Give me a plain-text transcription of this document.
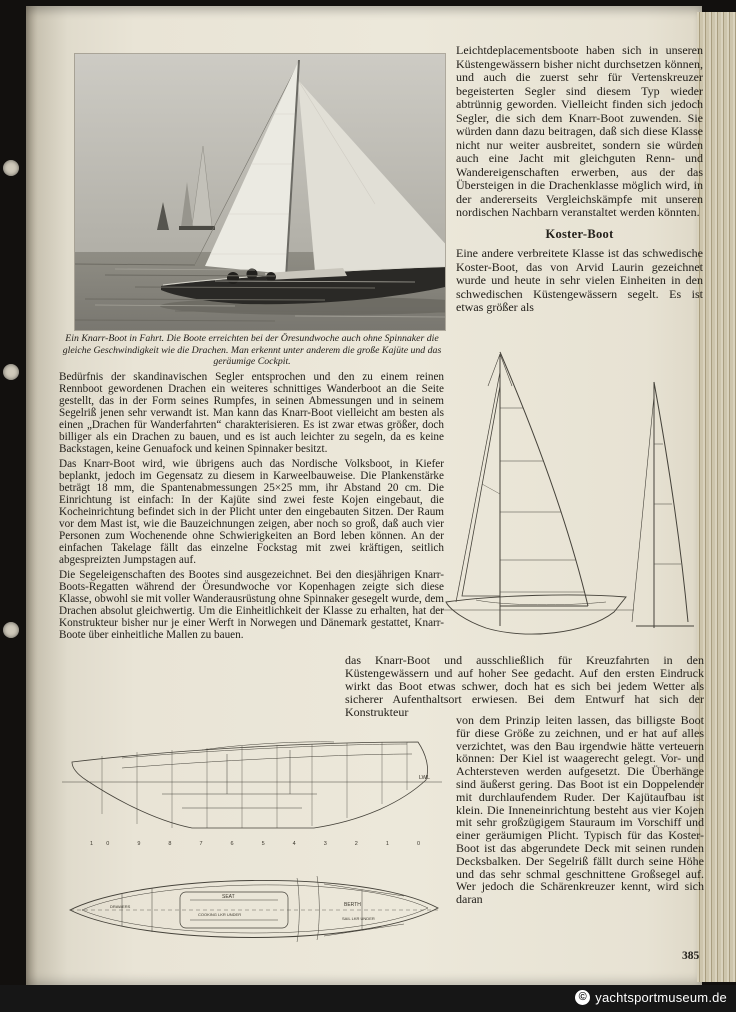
Ein Knarr-Boot in Fahrt. Die Boote erreichten bei der Öresundwoche auch ohne Spinnaker die gleiche Geschwindigkeit wie die Drachen. Man erkennt unter anderem die große Kajüte und das geräumige Cockpit.

Bedürfnis der skandinavischen Segler entsprochen und den zu einem reinen Rennboot gewordenen Drachen ein weiteres schnittiges Wanderboot an die Seite gestellt, das in der Form seines Rumpfes, in seinen Abmessungen und in seinem Segelriß jenen sehr verwandt ist. Man kann das Knarr-Boot vielleicht am besten als einen „Drachen für Wanderfahrten“ charakterisieren. Es ist zwar etwas größer, doch billiger als ein Drachen zu bauen, und es ist auch leichter zu segeln, da es keine Backstagen, keine Genuafock und keinen Spinnaker besitzt.

Das Knarr-Boot wird, wie übrigens auch das Nordische Volksboot, in Kiefer beplankt, jedoch im Gegensatz zu diesem in Karweelbauweise. Die Plankenstärke beträgt 18 mm, die Spantenabmessungen 25×25 mm, ihr Abstand 20 cm. Die Einrichtung ist einfach: In der Kajüte sind zwei feste Kojen eingebaut, die Kocheinrichtung befindet sich in der Plicht unter den eingebauten Sitzen. Der Raum vor dem Mast ist, wie die Bauzeichnungen zeigen, aber noch so groß, daß auch vier Personen zum Wochenende ohne Schwierigkeiten an Bord leben können. An der einfachen Takelage fällt das einzelne Fockstag mit zwei kräftigen, seitlich abgespreizten Jumpstagen auf.

Die Segeleigenschaften des Bootes sind ausgezeichnet. Bei den diesjährigen Knarr-Boots-Regatten während der Öresundwoche vor Kopenhagen zeigte sich diese Klasse, obwohl sie mit voller Wanderausrüstung ohne Spinnaker gesegelt wurde, dem Drachen absolut gleichwertig. Um die Einheitlichkeit der Klasse zu erhalten, hat der Konstrukteur bisher nur je einer Werft in Norwegen und Dänemark gestattet, Knarr-Boote über einheitliche Mallen zu bauen.

Leichtdeplacementsboote haben sich in unseren Küstengewässern bisher nicht durchsetzen können, und auch die zuerst sehr für Vertenskreuzer begeisterten Segler sind diesem Typ wieder abtrünnig geworden. Vielleicht finden sich jedoch Segler, die sich dem Knarr-Boot zuwenden. Sie würden dann dazu beitragen, daß sich diese Klasse nicht nur weiter ausbreitet, sondern sie würden auch eine Jacht mit gleichguten Renn- und Wandereigenschaften erwerben, aus der das Übersteigen in die Drachenklasse möglich wird, in der andererseits Vergleichskämpfe mit unseren nordischen Nachbarn veranstaltet werden könnten.

Koster-Boot

Eine andere verbreitete Klasse ist das schwedische Koster-Boot, das von Arvid Laurin gezeichnet wurde und heute in sehr vielen Einheiten in den schwedischen Küstengewässern segelt. Es ist etwas größer als

das Knarr-Boot und ausschließlich für Kreuzfahrten in den Küstengewässern und auf hoher See gedacht. Auf den ersten Eindruck wirkt das Boot etwas schwer, doch hat es sich bei jedem Wetter als sicherer Aufenthaltsort erwiesen. Bei dem Entwurf hat sich der Konstrukteur
von dem Prinzip leiten lassen, das billigste Boot für diese Größe zu zeichnen, und er hat auf alles verzichtet, was den Bau irgendwie hätte verteuern können: Der Kiel ist waagerecht gelegt. Vor- und Achtersteven werden aufgesetzt. Die Überhänge sind äußerst gering. Das Boot ist ein Doppelender mit durchlaufendem Ruder. Der Kajütaufbau ist klein. Die Inneneinrichtung besteht aus vier Kojen mit sehr großzügigem Stauraum im Vorschiff und einer geräumigen Plicht. Typisch für das Koster-Boot ist das abgerundete Deck mit seinen runden Decksbalken. Der Segelriß fällt durch seine Höhe und das sehr schmal geschnittene Großsegel auf. Wer jedoch die Schärenkreuzer kennt, wird sich daran
LWL
10 9 8 7 6 5 4 3 2 1 0
SEAT
COOKING LKR UNDER
BERTH
SAIL LKR UNDER
DRAWERS
385
© yachtsportmuseum.de
